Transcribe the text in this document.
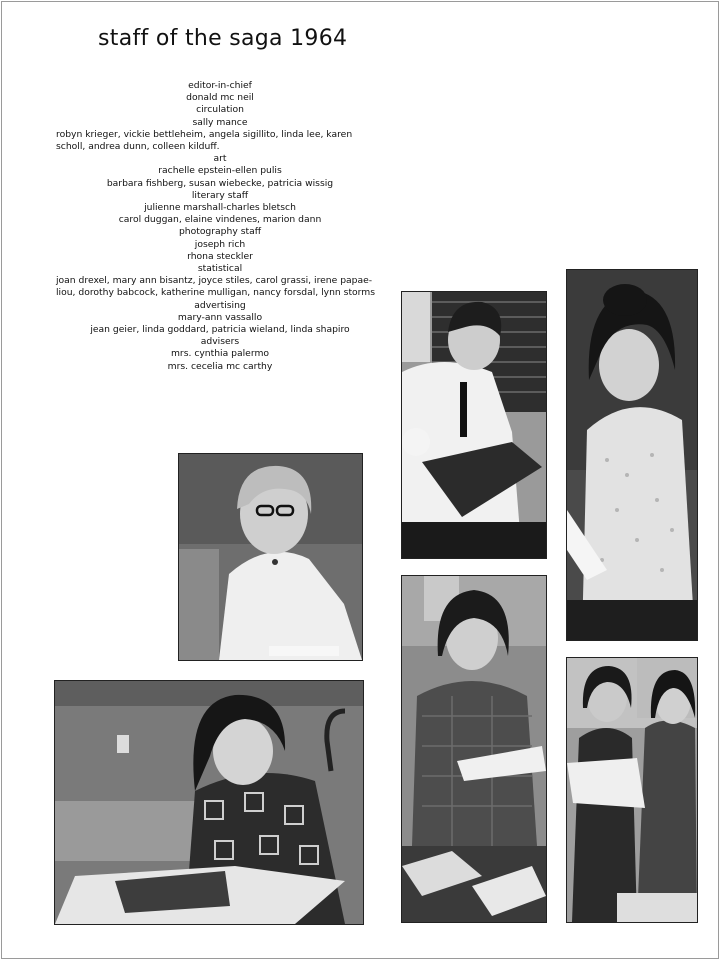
staff of the saga 1964
editor-in-chief
donald mc neil
circulation
sally mance
robyn krieger, vickie bettleheim, angela sigillito, linda lee, karen
scholl, andrea dunn, colleen kilduff.
art
rachelle epstein-ellen pulis
barbara fishberg, susan wiebecke, patricia wissig
literary staff
julienne marshall-charles bletsch
carol duggan, elaine vindenes, marion dann
photography staff
joseph rich
rhona steckler
statistical
joan drexel, mary ann bisantz, joyce stiles, carol grassi, irene papae-
liou, dorothy babcock, katherine mulligan, nancy forsdal, lynn storms
advertising
mary-ann vassallo
jean geier, linda goddard, patricia wieland, linda shapiro
advisers
mrs. cynthia palermo
mrs. cecelia mc carthy
